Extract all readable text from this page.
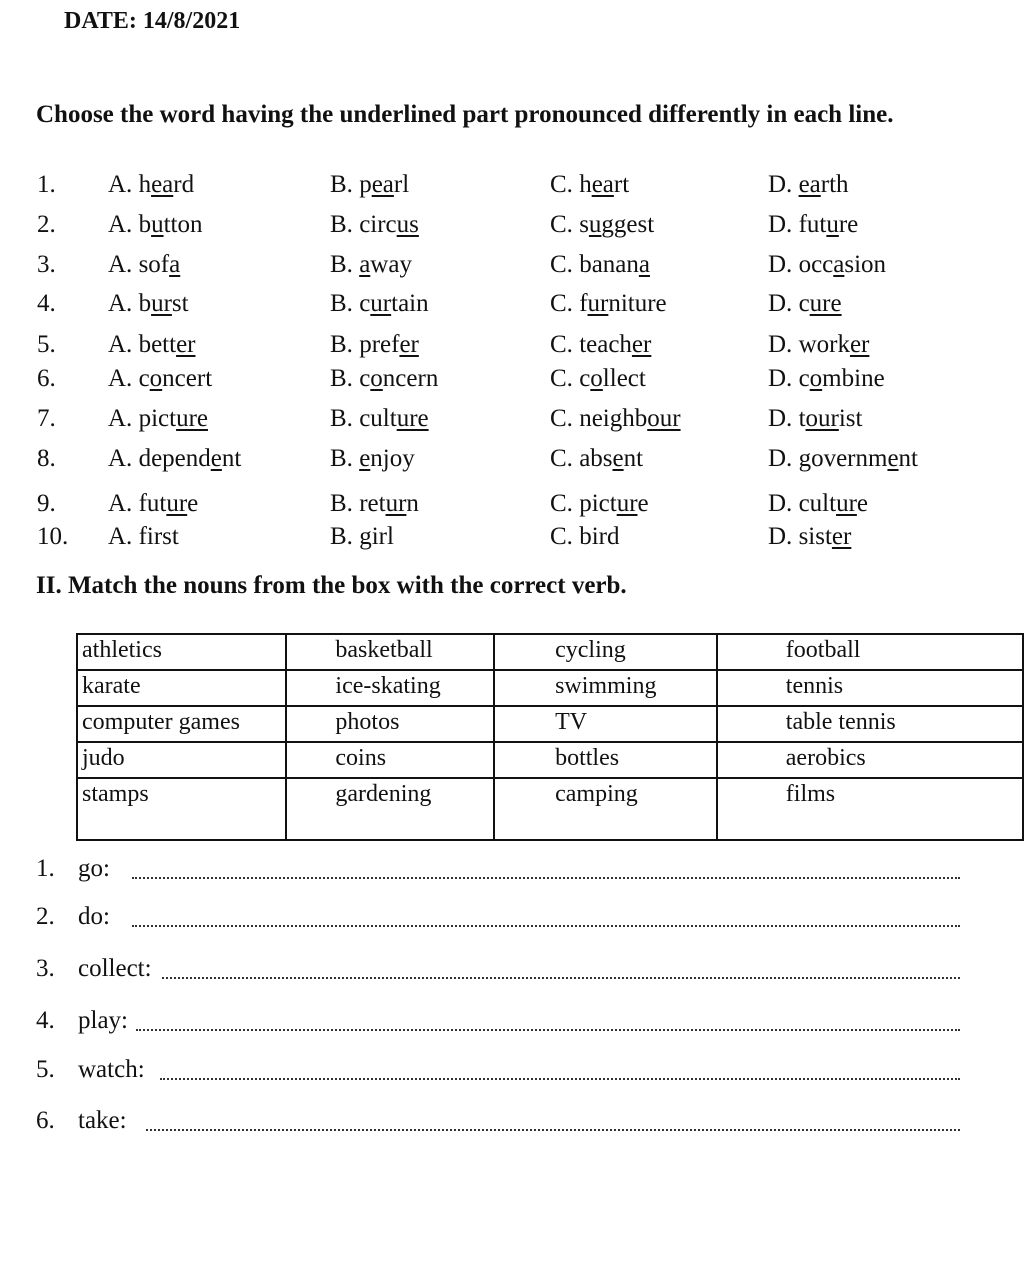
DATE: 14/8/2021
Choose the word having the underlined part pronounced differently in each line.
1. A. heard	B. pearl	C. heart	D. earth
2. A. button	B. circus	C. suggest	D. future
3. A. sofa	B. away	C. banana	D. occasion
4. A. burst	B. curtain	C. furniture	D. cure
5. A. better	B. prefer	C. teacher	D. worker
6. A. concert	B. concern	C. collect	D. combine
7. A. picture	B. culture	C. neighbour	D. tourist
8. A. dependent	B. enjoy	C. absent	D. government
9. A. future	B. return	C. picture	D. culture
10. A. first	B. girl	C. bird	D. sister
II. Match the nouns from the box with the correct verb.
athletics	basketball	cycling	football
karate	ice-skating	swimming	tennis
computer games	photos	TV	table tennis
judo	coins	bottles	aerobics
stamps	gardening	camping	films
1. go:
2. do:
3. collect:
4. play:
5. watch:
6. take:
